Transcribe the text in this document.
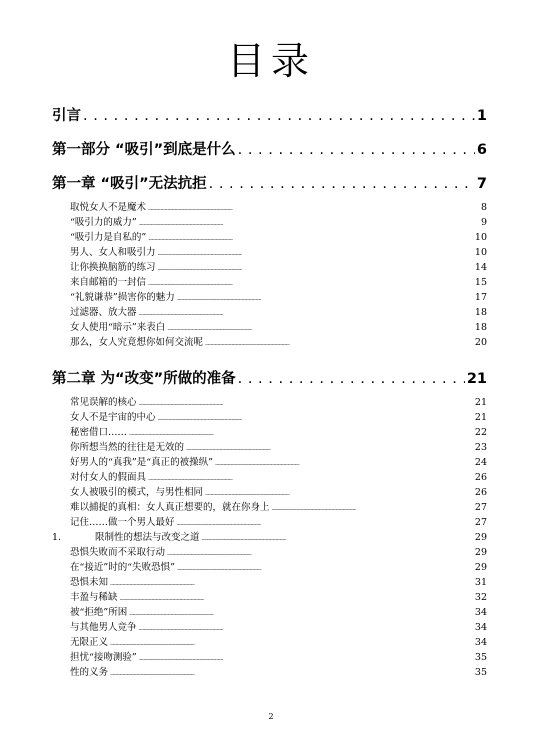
目录
引言 . . .	1
第一部分 “吸引”到底是什么 . . .	6
第一章 “吸引”无法抗拒 . . .	7
取悦女人不是魔术 . . .	8
“吸引力的威力” . . .	9
“吸引力是自私的” . . .	10
男人、女人和吸引力 . . .	10
让你换换脑筋的练习 . . .	14
来自邮箱的一封信 . . .	15
“礼貌谦恭”损害你的魅力 . . .	17
过滤器、放大器 . . .	18
女人使用“暗示”来表白 . . .	18
那么，女人究竟想你如何交流呢 . . .	20
第二章 为“改变”所做的准备 . . .	21
常见误解的核心 . . .	21
女人不是宇宙的中心 . . .	21
秘密借口…… . . .	22
你所想当然的往往是无效的 . . .	23
好男人的“真我”是“真正的被操纵” . . .	24
对付女人的假面具 . . .	26
女人被吸引的模式，与男性相同 . . .	26
难以捕捉的真相：女人真正想要的，就在你身上 . . .	27
记住……做一个男人最好 . . .	27
1.	限制性的想法与改变之道 . . .	29
恐惧失败而不采取行动 . . .	29
在“接近”时的“失败恐惧” . . .	29
恐惧未知 . . .	31
丰盈与稀缺 . . .	32
被“拒绝”所困 . . .	34
与其他男人竞争 . . .	34
无限正义 . . .	34
担忧“接吻测验” . . .	35
性的义务 . . .	35
2
